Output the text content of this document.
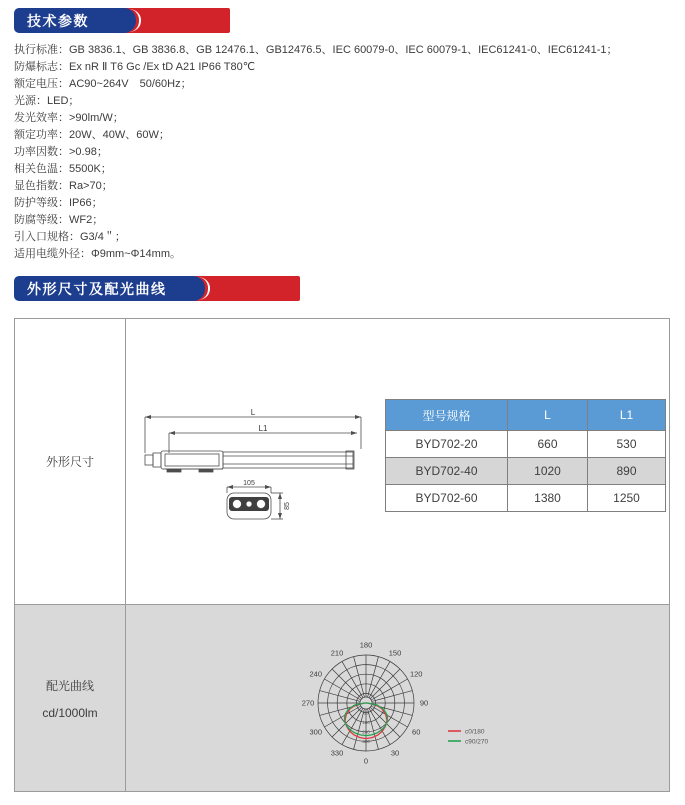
技术参数
执行标准：GB 3836.1、GB 3836.8、GB 12476.1、GB12476.5、IEC 60079-0、IEC 60079-1、IEC61241-0、IEC61241-1；
防爆标志：Ex nR Ⅱ T6 Gc /Ex tD A21 IP66 T80℃
额定电压：AC90~264V　50/60Hz；
光源：LED；
发光效率：>90lm/W；
额定功率：20W、40W、60W；
功率因数：>0.98；
相关色温：5500K；
显色指数：Ra>70；
防护等级：IP66；
防腐等级：WF2；
引入口规格：G3/4＂；
适用电缆外径：Φ9mm~Φ14mm。
外形尺寸及配光曲线
外形尺寸
L
L1
105
85
型号规格	L	L1
BYD702-20	660	530
BYD702-40	1020	890
BYD702-60	1380	1250
配光曲线
cd/1000lm
0
30
60
90
120
150
180
210
240
270
300
330
80
160
240
320
c0/180
c90/270
